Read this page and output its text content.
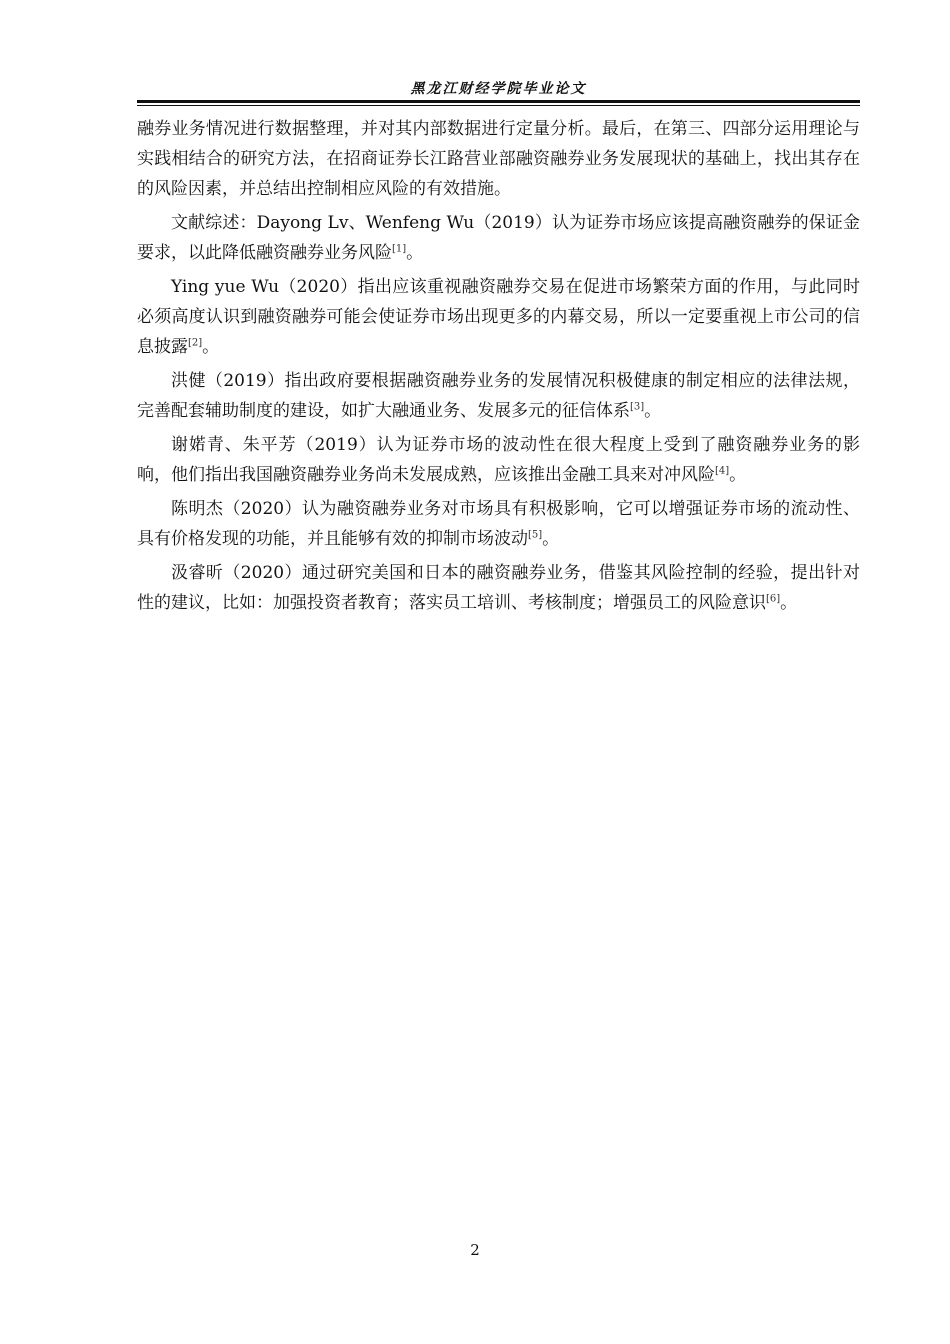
黑龙江财经学院毕业论文

融券业务情况进行数据整理，并对其内部数据进行定量分析。最后，在第三、四部分运用理论与实践相结合的研究方法，在招商证券长江路营业部融资融券业务发展现状的基础上，找出其存在的风险因素，并总结出控制相应风险的有效措施。

文献综述：Dayong Lv、Wenfeng Wu（2019）认为证券市场应该提高融资融券的保证金要求，以此降低融资融券业务风险[1]。

Ying yue Wu（2020）指出应该重视融资融券交易在促进市场繁荣方面的作用，与此同时必须高度认识到融资融券可能会使证券市场出现更多的内幕交易，所以一定要重视上市公司的信息披露[2]。

洪健（2019）指出政府要根据融资融券业务的发展情况积极健康的制定相应的法律法规，完善配套辅助制度的建设，如扩大融通业务、发展多元的征信体系[3]。

谢婼青、朱平芳（2019）认为证券市场的波动性在很大程度上受到了融资融券业务的影响，他们指出我国融资融券业务尚未发展成熟，应该推出金融工具来对冲风险[4]。

陈明杰（2020）认为融资融券业务对市场具有积极影响，它可以增强证券市场的流动性、具有价格发现的功能，并且能够有效的抑制市场波动[5]。

汲睿昕（2020）通过研究美国和日本的融资融券业务，借鉴其风险控制的经验，提出针对性的建议，比如：加强投资者教育；落实员工培训、考核制度；增强员工的风险意识[6]。

2
